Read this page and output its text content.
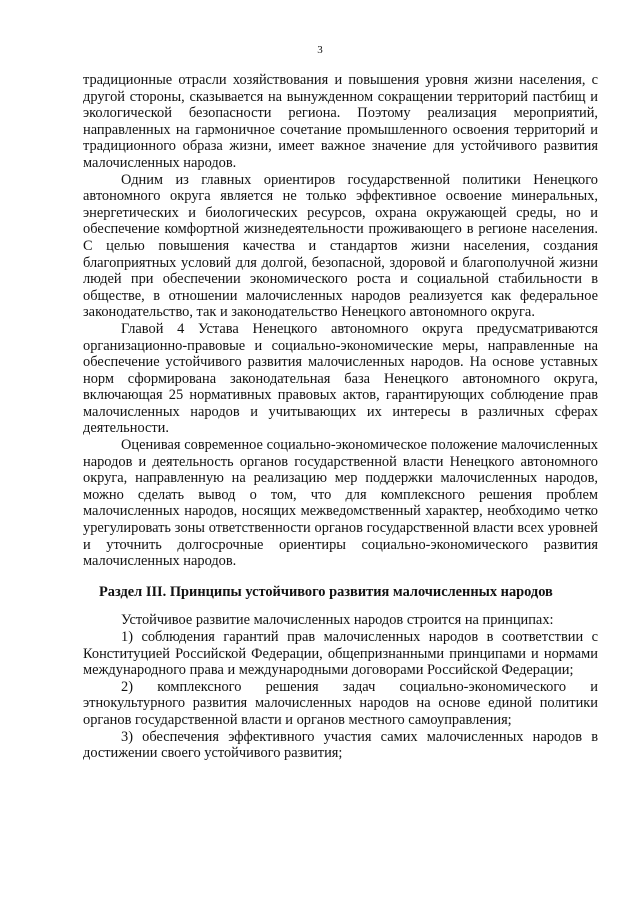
3

традиционные отрасли хозяйствования и повышения уровня жизни населения, с другой стороны, сказывается на вынужденном сокращении территорий пастбищ и экологической безопасности региона. Поэтому реализация мероприятий, направленных на гармоничное сочетание промышленного освоения территорий и традиционного образа жизни, имеет важное значение для устойчивого развития малочисленных народов.

Одним из главных ориентиров государственной политики Ненецкого автономного округа является не только эффективное освоение минеральных, энергетических и биологических ресурсов, охрана окружающей среды, но и обеспечение комфортной жизнедеятельности проживающего в регионе населения. С целью повышения качества и стандартов жизни населения, создания благоприятных условий для долгой, безопасной, здоровой и благополучной жизни людей при обеспечении экономического роста и социальной стабильности в обществе, в отношении малочисленных народов реализуется как федеральное законодательство, так и законодательство Ненецкого автономного округа.

Главой 4 Устава Ненецкого автономного округа предусматриваются организационно-правовые и социально-экономические меры, направленные на обеспечение устойчивого развития малочисленных народов. На основе уставных норм сформирована законодательная база Ненецкого автономного округа, включающая 25 нормативных правовых актов, гарантирующих соблюдение прав малочисленных народов и учитывающих их интересы в различных сферах деятельности.

Оценивая современное социально-экономическое положение малочисленных народов и деятельность органов государственной власти Ненецкого автономного округа, направленную на реализацию мер поддержки малочисленных народов, можно сделать вывод о том, что для комплексного решения проблем малочисленных народов, носящих межведомственный характер, необходимо четко урегулировать зоны ответственности органов государственной власти всех уровней и уточнить долгосрочные ориентиры социально-экономического развития малочисленных народов.

Раздел III. Принципы устойчивого развития малочисленных народов

Устойчивое развитие малочисленных народов строится на принципах:

1) соблюдения гарантий прав малочисленных народов в соответствии с Конституцией Российской Федерации, общепризнанными принципами и нормами международного права и международными договорами Российской Федерации;

2) комплексного решения задач социально-экономического и этнокультурного развития малочисленных народов на основе единой политики органов государственной власти и органов местного самоуправления;

3) обеспечения эффективного участия самих малочисленных народов в достижении своего устойчивого развития;
